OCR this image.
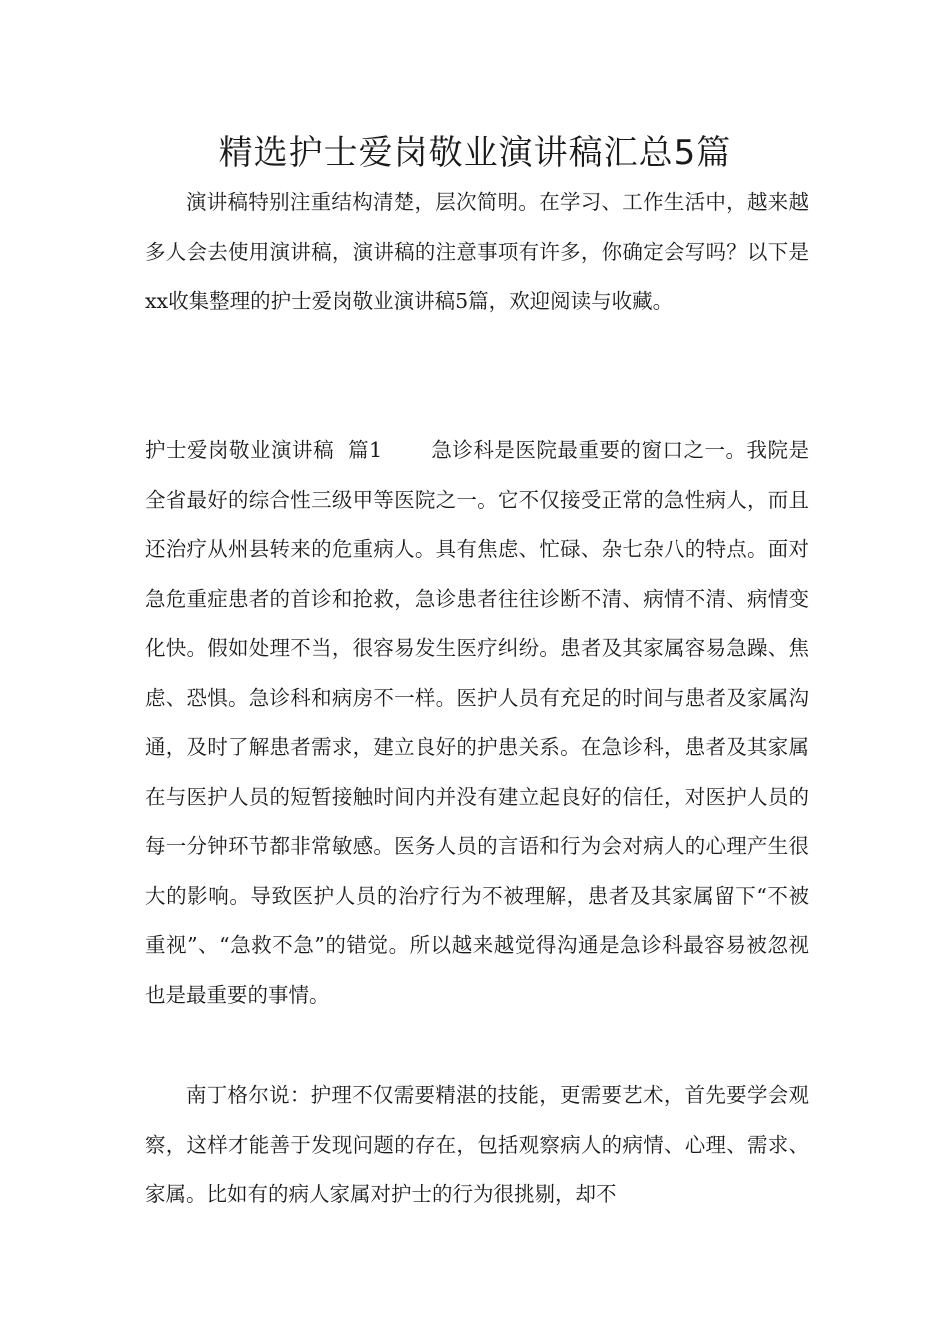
精选护士爱岗敬业演讲稿汇总5篇

演讲稿特别注重结构清楚，层次简明。在学习、工作生活中，越来越多人会去使用演讲稿，演讲稿的注意事项有许多，你确定会写吗？以下是xx收集整理的护士爱岗敬业演讲稿5篇，欢迎阅读与收藏。

护士爱岗敬业演讲稿  篇1       急诊科是医院最重要的窗口之一。我院是全省最好的综合性三级甲等医院之一。它不仅接受正常的急性病人，而且还治疗从州县转来的危重病人。具有焦虑、忙碌、杂七杂八的特点。面对急危重症患者的首诊和抢救，急诊患者往往诊断不清、病情不清、病情变化快。假如处理不当，很容易发生医疗纠纷。患者及其家属容易急躁、焦虑、恐惧。急诊科和病房不一样。医护人员有充足的时间与患者及家属沟通，及时了解患者需求，建立良好的护患关系。在急诊科，患者及其家属在与医护人员的短暂接触时间内并没有建立起良好的信任，对医护人员的每一分钟环节都非常敏感。医务人员的言语和行为会对病人的心理产生很大的影响。导致医护人员的治疗行为不被理解，患者及其家属留下“不被重视”、“急救不急”的错觉。所以越来越觉得沟通是急诊科最容易被忽视也是最重要的事情。

南丁格尔说：护理不仅需要精湛的技能，更需要艺术，首先要学会观察，这样才能善于发现问题的存在，包括观察病人的病情、心理、需求、家属。比如有的病人家属对护士的行为很挑剔，却不
